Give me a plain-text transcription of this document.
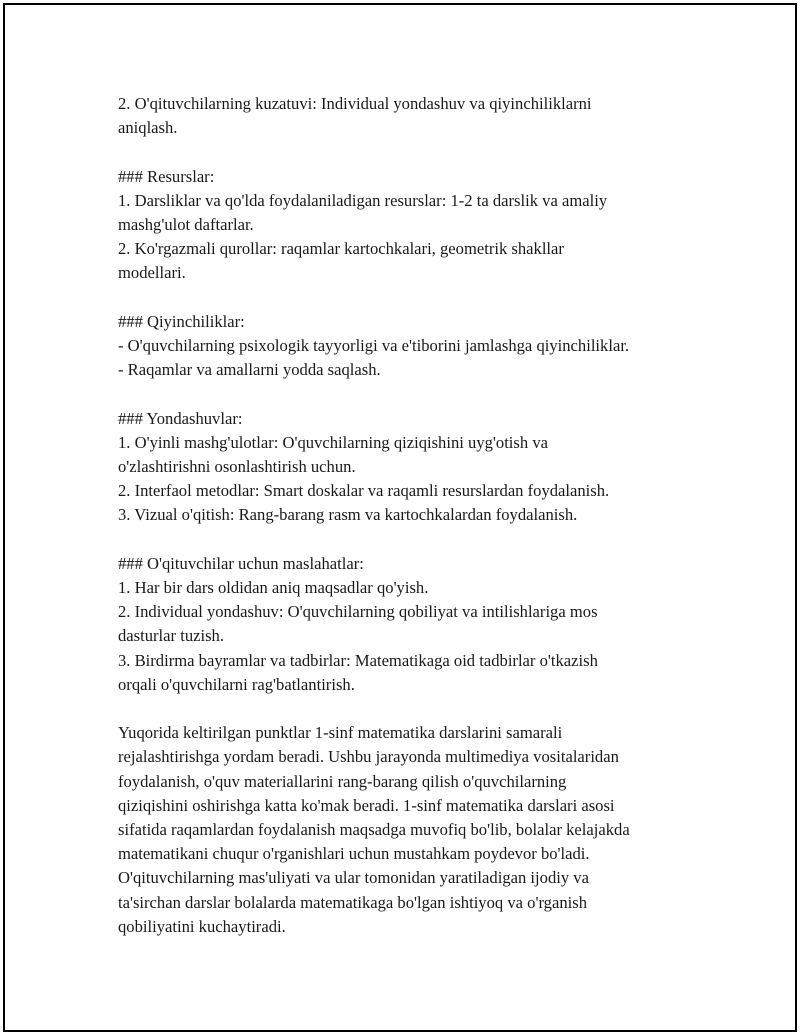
2. O'qituvchilarning kuzatuvi: Individual yondashuv va qiyinchiliklarni

aniqlash.

### Resurslar:

1. Darsliklar va qo'lda foydalaniladigan resurslar: 1-2 ta darslik va amaliy

mashg'ulot daftarlar.

2. Ko'rgazmali qurollar: raqamlar kartochkalari, geometrik shakllar

modellari.

### Qiyinchiliklar:

- O'quvchilarning psixologik tayyorligi va e'tiborini jamlashga qiyinchiliklar.

- Raqamlar va amallarni yodda saqlash.

### Yondashuvlar:

1. O'yinli mashg'ulotlar: O'quvchilarning qiziqishini uyg'otish va

o'zlashtirishni osonlashtirish uchun.

2. Interfaol metodlar: Smart doskalar va raqamli resurslardan foydalanish.

3. Vizual o'qitish: Rang-barang rasm va kartochkalardan foydalanish.

### O'qituvchilar uchun maslahatlar:

1. Har bir dars oldidan aniq maqsadlar qo'yish.

2. Individual yondashuv: O'quvchilarning qobiliyat va intilishlariga mos

dasturlar tuzish.

3. Birdirma bayramlar va tadbirlar: Matematikaga oid tadbirlar o'tkazish

orqali o'quvchilarni rag'batlantirish.

Yuqorida keltirilgan punktlar 1-sinf matematika darslarini samarali

rejalashtirishga yordam beradi. Ushbu jarayonda multimediya vositalaridan

foydalanish, o'quv materiallarini rang-barang qilish o'quvchilarning

qiziqishini oshirishga katta ko'mak beradi. 1-sinf matematika darslari asosi

sifatida raqamlardan foydalanish maqsadga muvofiq bo'lib, bolalar kelajakda

matematikani chuqur o'rganishlari uchun mustahkam poydevor bo'ladi.

O'qituvchilarning mas'uliyati va ular tomonidan yaratiladigan ijodiy va

ta'sirchan darslar bolalarda matematikaga bo'lgan ishtiyoq va o'rganish

qobiliyatini kuchaytiradi.
